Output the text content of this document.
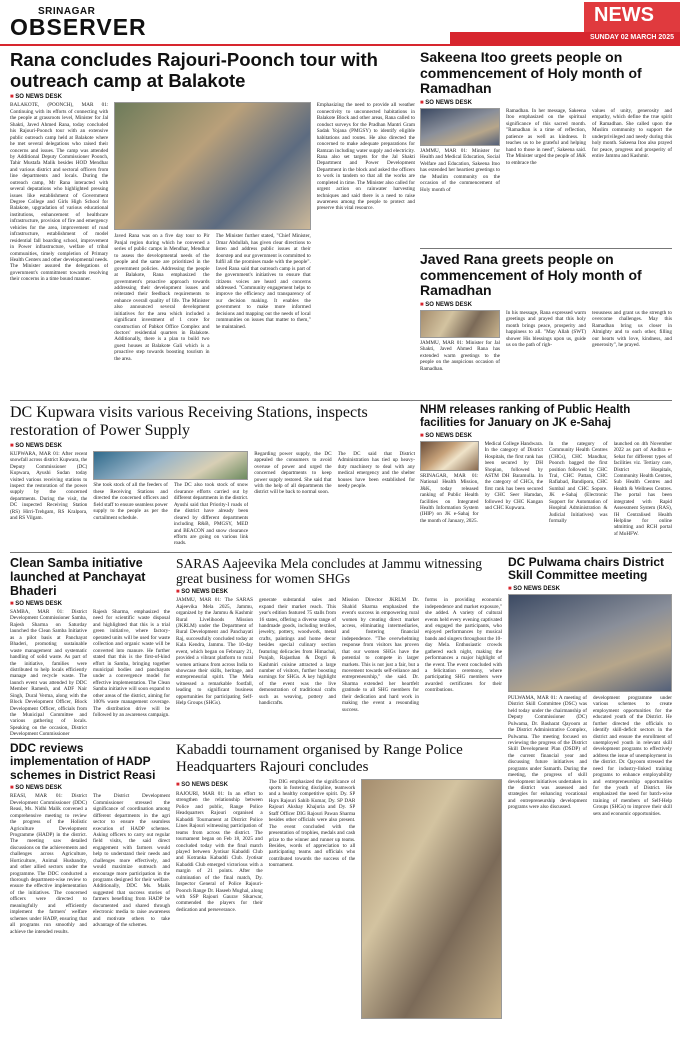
SRINAGAR
OBSERVER	NEWS
SUNDAY 02 MARCH 2025
Rana concludes Rajouri-Poonch tour with outreach camp at Balakote
■ SO NEWS DESK
BALAKOTE, (POONCH), MAR 01: Continuing with its efforts of connecting with the people at grassroots level, Minister for Jal Shakti, Javed Ahmed Rana, today concluded his Rajouri-Poonch tour with an extensive public outreach camp held at Balakote where he met several delegations who raised their concerns and issues. The camp was attended by Additional Deputy Commissioner Poonch, Tahir Mustafa Malik besides HOD Mendhar and various district and sectoral officers from line departments and locals. During the outreach camp, Mr Rana interacted with several deputations who highlighted pressing issues like establishment of Government Degree College and Girls High School for Balakote, upgradation of various educational institutions, enhancement of healthcare infrastructure, provision of fire and emergency vehicles for the area, improvement of road infrastructure, establishment of model residential fall boarding school, improvement in Power infrastructure, welfare of tribal communities, timely completion of Primary Health Centers and other developmental needs. The Minister assured the delegations of government's commitment towards resolving their concerns in a time bound manner.
Javed Rana was on a five day tour to Pir Panjal region during which he convened a series of public camps in Mendhar, Mendhar to assess the developmental needs of the people and the same are prioritized in the government policies. Addressing the people at Balakote, Rana emphasized the government's proactive approach towards addressing their development issues and reiterated their feedback requirements to enhance overall quality of life. The Minister also announced several development initiatives for the area which included a significant investment of 1 crore for construction of Pabkot Office Complex and doctors' residential quarters in Balakote. Additionally, there is a plan to build two guest houses at Balakote Gali which is a proactive step towards boosting tourism in the area.
The Minister further stated, "Chief Minister, Omar Abdullah, has given clear directions to listen and address public issues at their doorstep and our government is committed to fulfil all the promises made with the people". Javed Rana said that outreach camp is part of the government's initiatives to ensure that citizens voices are heard and concerns addressed. "Community engagement helps to improve the efficiency and transparency of our decision making. It enables the government to make more informed decisions and mapping out the needs of local communities on issues that matter to them," he maintained.
Emphasizing the need to provide all weather connectivity to unconnected habitations in Balakote Block and other areas, Rana called to conduct surveys for the Pradhan Mantri Gram Sadak Yojana (PMGSY) to identify eligible habitations and routes. He also directed the concerned to make adequate preparations for Ramzan including water supply and electricity. Rana also set targets for the Jal Shakti Department and Power Development Department in the block and asked the officers to work in tandem so that all the works are completed in time. The Minister also called for urgent action on rainwater harvesting techniques and said there is a need to raise awareness among the people to protect and preserve this vital resource.
Sakeena Itoo greets people on commencement of Holy month of Ramadhan
■ SO NEWS DESK
JAMMU, MAR 01: Minister for Health and Medical Education, Social Welfare and Education, Sakeena Itoo has extended her heartiest greetings to the Muslim community on the occasion of the commencement of Holy month of
Ramadhan. In her message, Sakeena Itoo emphasized on the spiritual significance of this sacred month. "Ramadhan is a time of reflection, patience as well as kindness. It teaches us to be grateful and helping hand to those in need", Sakeena said. The Minister urged the people of J&K to embrace the
values of unity, generosity and empathy, which define the true spirit of Ramadhan. She called upon the Muslim community to support the underprivileged and needy during this holy month. Sakeena Itoo also prayed for peace, progress and prosperity of entire Jammu and Kashmir.
Javed Rana greets people on commencement of Holy month of Ramadhan
■ SO NEWS DESK
JAMMU, MAR 01: Minister for Jal Shakti, Javed Ahmed Rana has extended warm greetings to the people on the auspicious occasion of Ramadhan.
In his message, Rana expressed warm greetings and prayed that this holy month brings peace, prosperity and happiness to all. "May Allah (SWT) shower His blessings upon us, guide us on the path of righ-
teousness and grant us the strength to overcome challenges. May this Ramadhan bring us closer in Almighty and to each other, filling our hearts with love, kindness, and generosity", he prayed.
DC Kupwara visits various Receiving Stations, inspects restoration of Power Supply
■ SO NEWS DESK
KUPWARA, MAR 01: After recent snowfall across district Kupwara, the Deputy Commissioner (DC) Kupwara, Ayushi Sudan today visited various receiving stations to inspect the restoration of the power supply by the concerned departments. During the visit, the DC inspected Receiving Station (RS) Hirri-Trehgam, RS Kralpora, and RS Vilgam.
She took stock of all the feeders of these Receiving Stations and directed the concerned officers and field staff to ensure seamless power supply to the people as per the curtailment schedule.
The DC also took stock of snow clearance efforts carried out by different departments in the district. Ayushi said that Priority-I roads of the district have already been cleared by different departments including R&B, PMGSY, MED and BEACON and snow clearance efforts are going on various link roads.
Regarding power supply, the DC appealed the consumers to avoid overuse of power and urged the concerned departments to keep power supply restored. She said that with the help of all departments the district will be back to normal soon.
The DC said that District Administration has tied up heavy-duty machinery to deal with any medical emergency and the shelter houses have been established for needy people.
NHM releases ranking of Public Health facilities for January on JK e-Sahaj
■ SO NEWS DESK
SRINAGAR, MAR 01: National Health Mission, J&K, today released ranking of Public Health facilities on Integrated Health Information System (IHIP) on JK e-Sahaj for the month of January, 2025.
Medical College Handwara. In the category of District Hospitals, the first rank has been secured by DH Shopian, followed by ASTM DH Baramulla. In the category of CHCs, the first rank has been secured by CHC Seer Hamdan, followed by CHC Kangan and CHC Kupwara.
In the category of Community Health Centres (CHCs), CHC Mandhar, Poonch bagged the first position followed by CHC Tral, CHC Pattan, CHC Rafiabad, Bandipora, CHC Sumbal and CHC Sopore. JK e-Sahaj (Electronic Support for Automation of Hospital Administration & Judicial Initiatives) was formally
launched on 4th November 2022 as part of Andhra e-Sehat for different types of facilities viz. Tertiary care, District Hospitals, Community Health Centres, Sub Health Centres and Health & Wellness Centres. The portal has been integrated with Rapid Assessment System (RAS), JH Centralised Health Helpline for online admitting and RCH portal of MoHFW.
Clean Samba initiative launched at Panchayat Bhaderi
■ SO NEWS DESK
SAMBA, MAR 01: District Development Commissioner Samba, Rajesh Sharma on Saturday launched the Clean Samba Initiative as a pilot basis at Panchayat Bhaderi, promoting sustainable waste management and systematic handling of solid waste. As part of the initiative, families were distributed to help locals efficiently manage and recycle waste. The launch event was attended by DDC Member Ramesh, and ADF Nair Singh, Dural Verma, along with the Block Development Officer, Block Development Officer, officials from the Municipal Committee and various gathering of locals. Speaking on the occasion, District Development Commissioner
Rajesh Sharma, emphasized the need for scientific waste disposal and highlighted that this is a trial green initiative, where factory-operated units will be used for waste collection and organic waste will be converted into manure. He further stated that this is the first-of-kind effort in Samba, bringing together municipal bodies and panchayats under a convergence model for effective implementation. The Clean Samba initiative will soon expand to other areas of the district, aiming for 100% waste management coverage. The distribution drive will be followed by an awareness campaign.
SARAS Aajeevika Mela concludes at Jammu witnessing great business for women SHGs
■ SO NEWS DESK
JAMMU, MAR 01: The SARAS Aajeevika Mela 2025, Jammu, organized by the Jammu & Kashmir Rural Livelihoods Mission (JKRLM) under the Department of Rural Development and Panchayati Raj, successfully concluded today at Kala Kendra, Jammu. The 10-day event, which began on February 21, provided a vibrant platform to rural women artisans from across India to showcase their skills, heritage, and entrepreneurial spirit. The Mela witnessed a remarkable footfall, leading to significant business opportunities for participating Self-Help Groups (SHGs).
generate substantial sales and expand their market reach. This year's edition featured 75 stalls from 16 states, offering a diverse range of handmade goods, including textiles, jewelry, pottery, woodwork, metal crafts, paintings and home decor besides special culinary section featuring delicacies from Himachal, Punjab, Rajasthan & Dogri & Kashmiri cuisine attracted a large number of visitors, further boosting earnings for SHGs. A key highlight of the event was the live demonstration of traditional crafts such as weaving, pottery and handicrafts.
Mission Director JKRLM Dr. Shahid Sharma emphasized the event's success in empowering rural women by creating direct market access, eliminating intermediaries, and fostering financial independence. "The overwhelming response from visitors has proven that our women SHGs have the potential to compete in larger markets. This is not just a fair, but a movement towards self-reliance and entrepreneurship," she said. Dr. Sharma extended her heartfelt gratitude to all SHG members for their dedication and hard work in making the event a resounding success.
forms in providing economic independence and market exposure," she added. A variety of cultural events held every evening captivated and engaged the participants, who enjoyed performances by musical bands and singers throughout the 10-day Mela. Enthusiastic crowds gathered each night, making the performances a major highlight of the event. The event concluded with a felicitation ceremony, where participating SHG members were awarded certificates for their contributions.
DC Pulwama chairs District Skill Committee meeting
■ SO NEWS DESK
PULWAMA, MAR 01: A meeting of District Skill Committee (DSC) was held today under the chairmanship of Deputy Commissioner (DC) Pulwama, Dr. Basharat Qayoom at the District Administrative Complex, Pulwama. The meeting focused on reviewing the progress of the District Skill Development Plan (DSDP) of the current financial year and discussing future initiatives and programs under Samarth. During the meeting, the progress of skill development initiatives undertaken in the district was assessed and strategies for enhancing vocational and entrepreneurship development programs were also discussed.
development programme under various schemes to create employment opportunities for the educated youth of the District. He further directed the officials to identify skill-deficit sectors in the district and ensure the enrollment of unemployed youth in relevant skill development programs to effectively address the issue of unemployment in the district. Dr. Qayoom stressed the need for industry-linked training programs to enhance employability and entrepreneurship opportunities for the youth of District. He emphasized the need for batch-wise training of members of Self-Help Groups (SHGs) to improve their skill sets and economic opportunities.
DDC reviews implementation of HADP schemes in District Reasi
■ SO NEWS DESK
REASI, MAR 01: District Development Commissioner (DDC) Reasi, Ms. Nidhi Malik convened a comprehensive meeting to review the progress of the Holistic Agriculture Development Programme (HADP) in the district. The meeting saw detailed discussions on the achievements and challenges across Agriculture, Horticulture, Animal Husbandry, and other allied sectors under the programme. The DDC conducted a thorough department-wise review to ensure the effective implementation of the initiatives. The concerned officers were directed to meaningfully and efficiently implement the farmers' welfare schemes under HADP, ensuring that all programs run smoothly and achieve the intended results.
The District Development Commissioner stressed the significance of coordination among different departments in the agri sector to ensure the seamless execution of HADP schemes. Asking officers to carry out regular field visits, the said direct engagement with farmers would help to understand their needs and challenges more effectively, and would maximize outreach and encourage more participation in the programs designed for their welfare. Additionally, DDC Ms. Malik suggested that success stories of farmers benefiting from HADP be documented and shared through electronic media to raise awareness and motivate others to take advantage of the schemes.
Kabaddi tournament organised by Range Police Headquarters Rajouri concludes
■ SO NEWS DESK
RAJOURI, MAR 01: In an effort to strengthen the relationship between Police and public, Range Police Headquarters Rajouri organised a Kabaddi Tournament at District Police Lines Rajouri witnessing participation of teams from across the district. The tournament began on Feb 18, 2025 and concluded today with the final match played between Jyotisar Kabaddi Club and Kotranka Kabaddi Club. Jyotisar Kabaddi Club emerged victorious with a margin of 21 points. After the culmination of the final match, Dy. Inspector General of Police Rajouri-Poonch Range Dr. Haseeb Mughal, along with SSP Rajouri Gaurav Sikarwar, commended the players for their dedication and perseverance.
The DIG emphasized the significance of sports in fostering discipline, teamwork and a healthy competitive spirit. Dy. SP Hqrs Rajouri Sahib Kumar, Dy. SP DAR Rajouri Akshay Khajuria and Dy. SP Staff Officer DIG Rajouri Pawan Sharma besides other officials were also present. The event concluded with the presentation of trophies, medals and cash prize to the winner and runner up teams. Besides, words of appreciation to all participating teams and officials who contributed towards the success of the tournament.
